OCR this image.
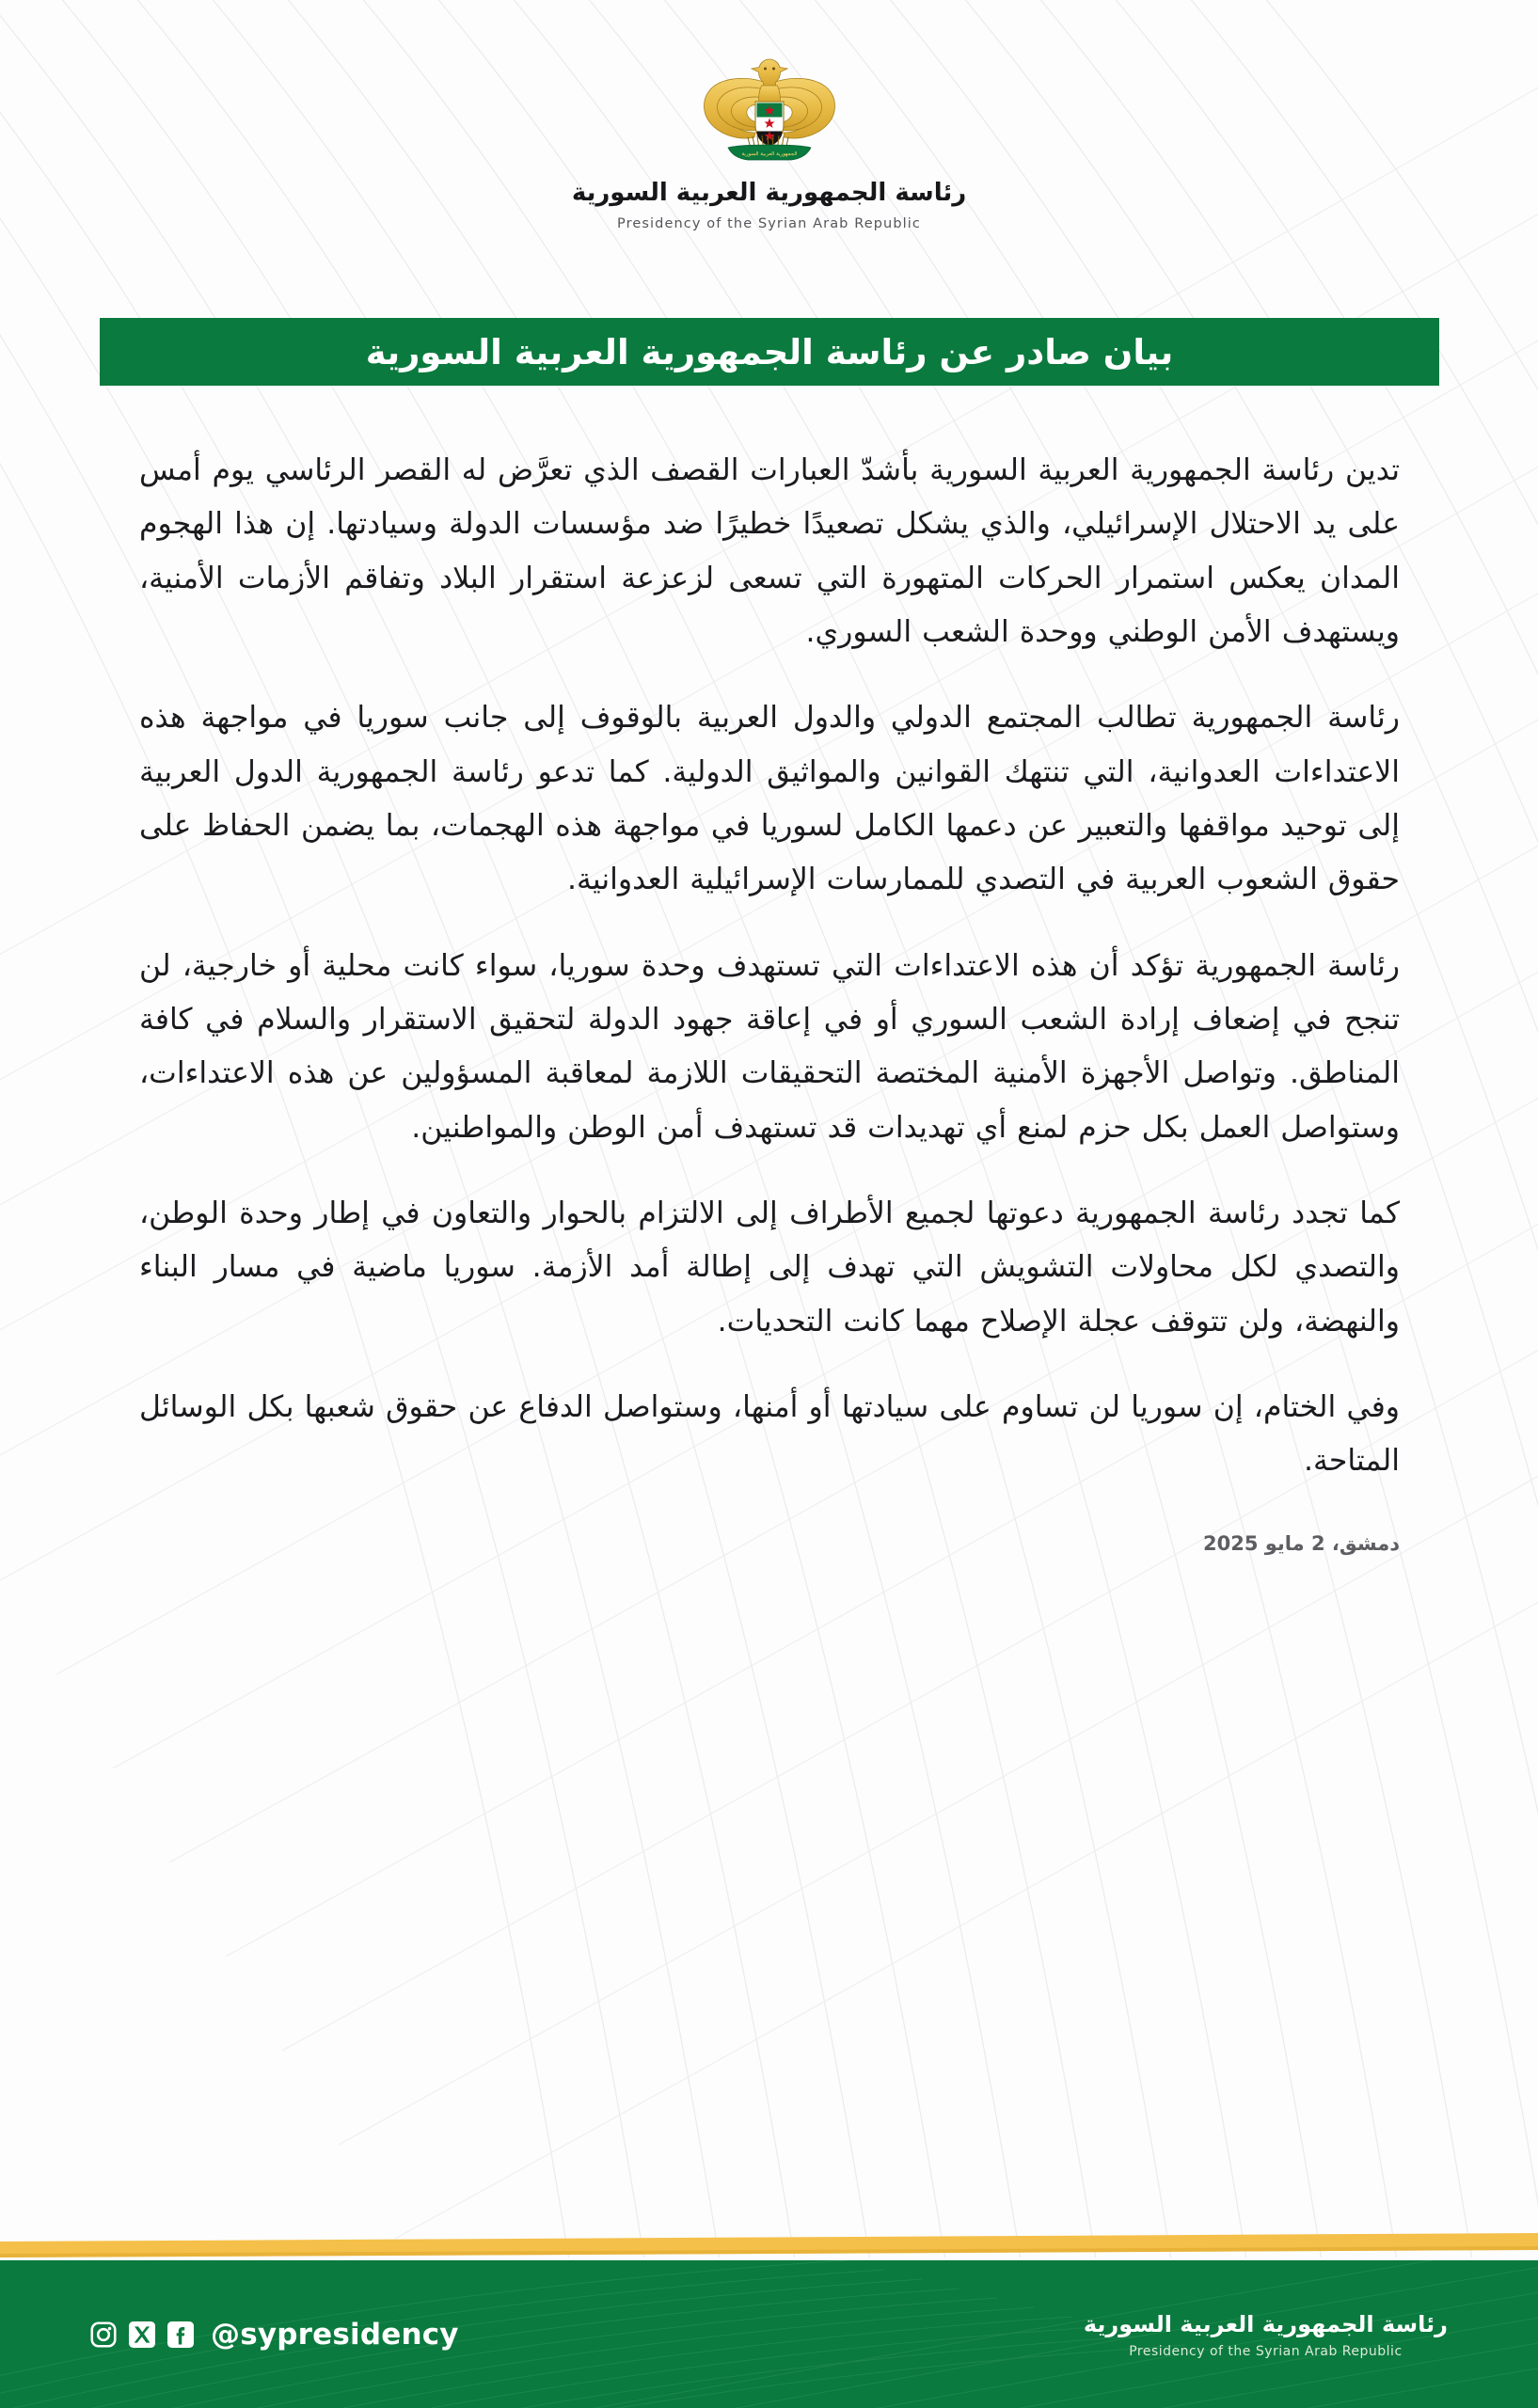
الجمهورية العربية السورية
رئاسة الجمهورية العربية السورية
Presidency of the Syrian Arab Republic
بيان صادر عن رئاسة الجمهورية العربية السورية

تدين رئاسة الجمهورية العربية السورية بأشدّ العبارات القصف الذي تعرَّض له القصر الرئاسي يوم أمس على يد الاحتلال الإسرائيلي، والذي يشكل تصعيدًا خطيرًا ضد مؤسسات الدولة وسيادتها. إن هذا الهجوم المدان يعكس استمرار الحركات المتهورة التي تسعى لزعزعة استقرار البلاد وتفاقم الأزمات الأمنية، ويستهدف الأمن الوطني ووحدة الشعب السوري.

رئاسة الجمهورية تطالب المجتمع الدولي والدول العربية بالوقوف إلى جانب سوريا في مواجهة هذه الاعتداءات العدوانية، التي تنتهك القوانين والمواثيق الدولية. كما تدعو رئاسة الجمهورية الدول العربية إلى توحيد مواقفها والتعبير عن دعمها الكامل لسوريا في مواجهة هذه الهجمات، بما يضمن الحفاظ على حقوق الشعوب العربية في التصدي للممارسات الإسرائيلية العدوانية.

رئاسة الجمهورية تؤكد أن هذه الاعتداءات التي تستهدف وحدة سوريا، سواء كانت محلية أو خارجية، لن تنجح في إضعاف إرادة الشعب السوري أو في إعاقة جهود الدولة لتحقيق الاستقرار والسلام في كافة المناطق. وتواصل الأجهزة الأمنية المختصة التحقيقات اللازمة لمعاقبة المسؤولين عن هذه الاعتداءات، وستواصل العمل بكل حزم لمنع أي تهديدات قد تستهدف أمن الوطن والمواطنين.

كما تجدد رئاسة الجمهورية دعوتها لجميع الأطراف إلى الالتزام بالحوار والتعاون في إطار وحدة الوطن، والتصدي لكل محاولات التشويش التي تهدف إلى إطالة أمد الأزمة. سوريا ماضية في مسار البناء والنهضة، ولن تتوقف عجلة الإصلاح مهما كانت التحديات.

وفي الختام، إن سوريا لن تساوم على سيادتها أو أمنها، وستواصل الدفاع عن حقوق شعبها بكل الوسائل المتاحة.

دمشق، 2 مايو 2025
@sypresidency	رئاسة الجمهورية العربية السورية
Presidency of the Syrian Arab Republic
